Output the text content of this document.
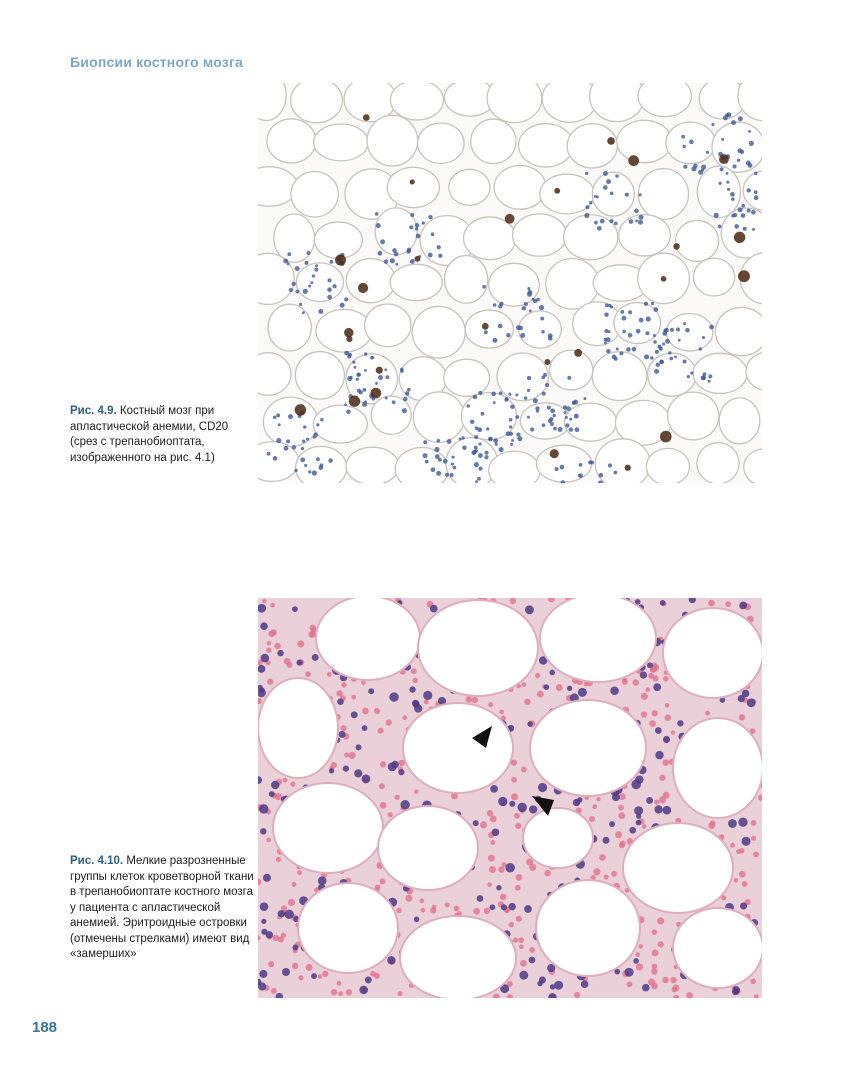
Биопсии костного мозга
Рис. 4.9. Костный мозг при апластической анемии, CD20 (срез с трепанобиоптата, изображенного на рис. 4.1)
Рис. 4.10. Мелкие разрозненные группы клеток кроветворной ткани в трепанобиоптате костного мозга у пациента с апластической анемией. Эритроидные островки (отмечены стрелками) имеют вид «замерших»
188
